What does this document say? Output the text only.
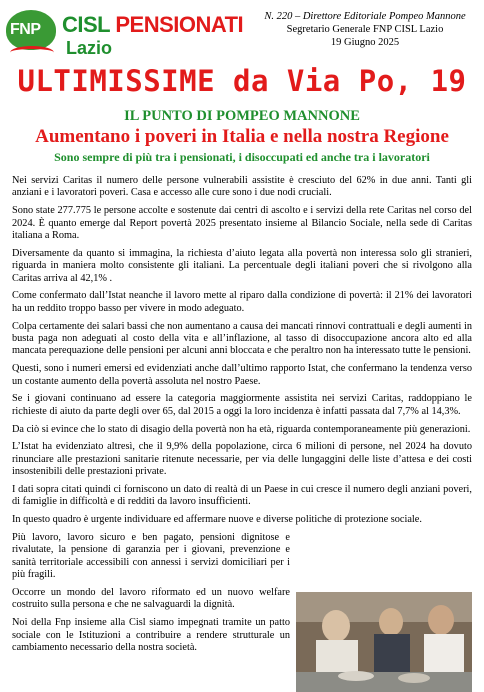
FNP CISL PENSIONATI
Lazio
N. 220 – Direttore Editoriale Pompeo Mannone
Segretario Generale FNP CISL Lazio
19 Giugno 2025
ULTIMISSIME da Via Po, 19
IL PUNTO DI POMPEO MANNONE
Aumentano i poveri in Italia e nella nostra Regione
Sono sempre di più tra i pensionati, i disoccupati ed anche tra i lavoratori

Nei servizi Caritas il numero delle persone vulnerabili assistite è cresciuto del 62% in due anni. Tanti gli anziani e i lavoratori poveri. Casa e accesso alle cure sono i due nodi cruciali.

Sono state 277.775 le persone accolte e sostenute dai centri di ascolto e i servizi della rete Caritas nel corso del 2024. È quanto emerge dal Report povertà 2025 presentato insieme al Bilancio Sociale, nella sede di Caritas italiana a Roma.

Diversamente da quanto si immagina, la richiesta d’aiuto legata alla povertà non interessa solo gli stranieri, riguarda in maniera molto consistente gli italiani. La percentuale degli italiani poveri che si rivolgono alla Caritas arriva al 42,1% .

Come confermato dall’Istat neanche il lavoro mette al riparo dalla condizione di povertà: il 21% dei lavoratori ha un reddito troppo basso per vivere in modo adeguato.

Colpa certamente dei salari bassi che non aumentano a causa dei mancati rinnovi contrattuali e degli aumenti in busta paga non adeguati al costo della vita e all’inflazione, al tasso di disoccupazione ancora alto ed alla mancata perequazione delle pensioni per alcuni anni bloccata e che peraltro non ha interessato tutte le pensioni.

Questi, sono i numeri emersi ed evidenziati anche dall’ultimo rapporto Istat, che confermano la tendenza verso un costante aumento della povertà assoluta nel nostro Paese.

Se i giovani continuano ad essere la categoria maggiormente assistita nei servizi Caritas, raddoppiano le richieste di aiuto da parte degli over 65, dal 2015 a oggi la loro incidenza è infatti passata dal 7,7% al 14,3%.

Da ciò si evince che lo stato di disagio della povertà non ha età, riguarda contemporaneamente più generazioni.

L’Istat ha evidenziato altresì, che il 9,9% della popolazione, circa 6 milioni di persone, nel 2024 ha dovuto rinunciare alle prestazioni sanitarie ritenute necessarie, per via delle lungaggini delle liste d’attesa e dei costi insostenibili delle prestazioni private.

I dati sopra citati quindi ci forniscono un dato di realtà di un Paese in cui cresce il numero degli anziani poveri, di famiglie in difficoltà e di redditi da lavoro insufficienti.

In questo quadro è urgente individuare ed affermare nuove e diverse politiche di protezione sociale.

Più lavoro, lavoro sicuro e ben pagato, pensioni dignitose e rivalutate, la pensione di garanzia per i giovani, prevenzione e sanità territoriale accessibili con annessi i servizi domiciliari per i più fragili.

Occorre un mondo del lavoro riformato ed un nuovo welfare costruito sulla persona e che ne salvaguardi la dignità.

Noi della Fnp insieme alla Cisl siamo impegnati tramite un patto sociale con le Istituzioni a contribuire a rendere strutturale un cambiamento necessario della nostra società.
